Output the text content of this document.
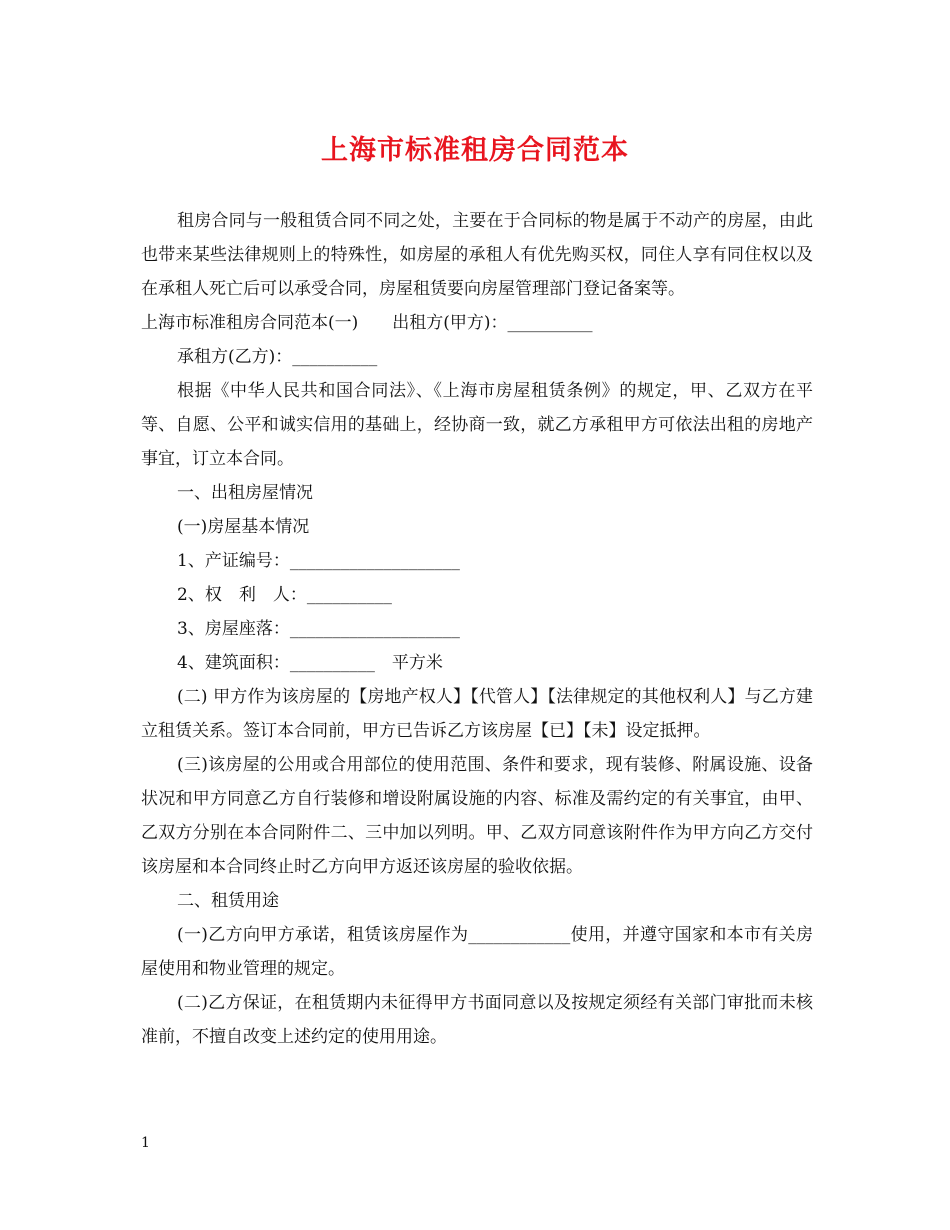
上海市标准租房合同范本

租房合同与一般租赁合同不同之处，主要在于合同标的物是属于不动产的房屋，由此也带来某些法律规则上的特殊性，如房屋的承租人有优先购买权，同住人享有同住权以及在承租人死亡后可以承受合同，房屋租赁要向房屋管理部门登记备案等。

上海市标准租房合同范本(一)　　出租方(甲方)：__________

承租方(乙方)：__________

根据《中华人民共和国合同法》、《上海市房屋租赁条例》的规定，甲、乙双方在平等、自愿、公平和诚实信用的基础上，经协商一致，就乙方承租甲方可依法出租的房地产事宜，订立本合同。

一、出租房屋情况

(一)房屋基本情况

1、产证编号：____________________

2、权　利　人：__________

3、房屋座落：____________________

4、建筑面积：__________　平方米

(二) 甲方作为该房屋的【房地产权人】【代管人】【法律规定的其他权利人】与乙方建立租赁关系。签订本合同前，甲方已告诉乙方该房屋【已】【未】设定抵押。

(三)该房屋的公用或合用部位的使用范围、条件和要求，现有装修、附属设施、设备状况和甲方同意乙方自行装修和增设附属设施的内容、标准及需约定的有关事宜，由甲、乙双方分别在本合同附件二、三中加以列明。甲、乙双方同意该附件作为甲方向乙方交付该房屋和本合同终止时乙方向甲方返还该房屋的验收依据。

二、租赁用途

(一)乙方向甲方承诺，租赁该房屋作为____________使用，并遵守国家和本市有关房屋使用和物业管理的规定。

(二)乙方保证，在租赁期内未征得甲方书面同意以及按规定须经有关部门审批而未核准前，不擅自改变上述约定的使用用途。

1
